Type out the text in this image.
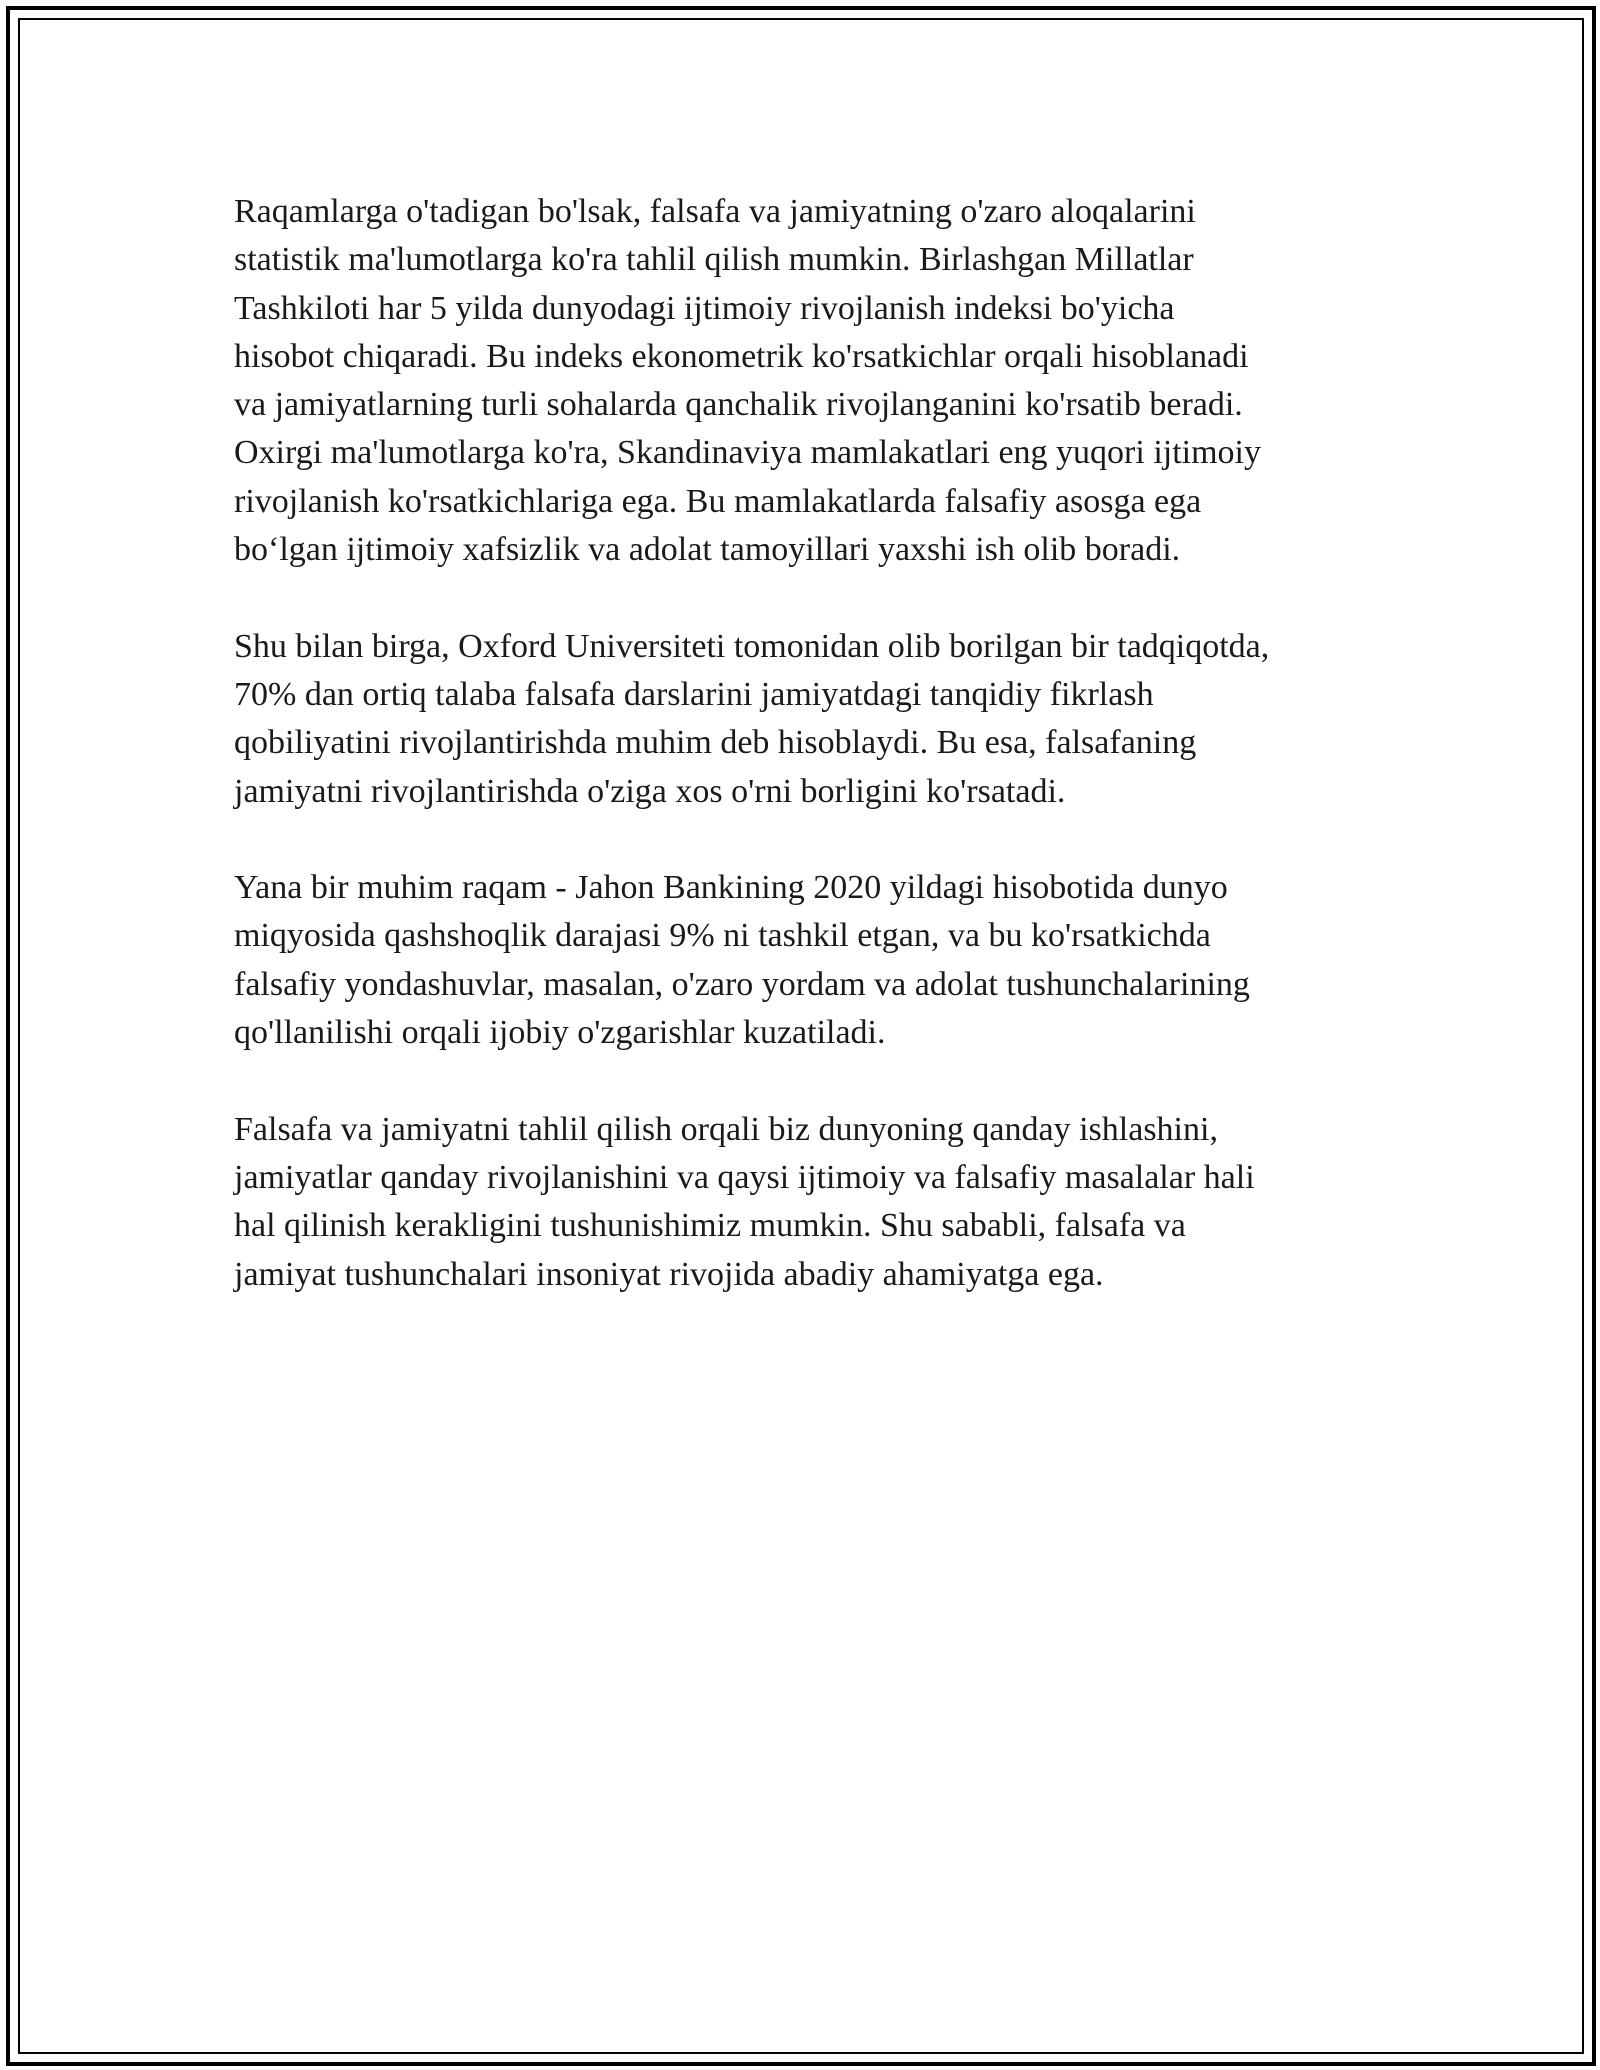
Raqamlarga o'tadigan bo'lsak, falsafa va jamiyatning o'zaro aloqalarini
statistik ma'lumotlarga ko'ra tahlil qilish mumkin. Birlashgan Millatlar
Tashkiloti har 5 yilda dunyodagi ijtimoiy rivojlanish indeksi bo'yicha
hisobot chiqaradi. Bu indeks ekonometrik ko'rsatkichlar orqali hisoblanadi
va jamiyatlarning turli sohalarda qanchalik rivojlanganini ko'rsatib beradi.
Oxirgi ma'lumotlarga ko'ra, Skandinaviya mamlakatlari eng yuqori ijtimoiy
rivojlanish ko'rsatkichlariga ega. Bu mamlakatlarda falsafiy asosga ega
bo‘lgan ijtimoiy xafsizlik va adolat tamoyillari yaxshi ish olib boradi.

Shu bilan birga, Oxford Universiteti tomonidan olib borilgan bir tadqiqotda,
70% dan ortiq talaba falsafa darslarini jamiyatdagi tanqidiy fikrlash
qobiliyatini rivojlantirishda muhim deb hisoblaydi. Bu esa, falsafaning
jamiyatni rivojlantirishda o'ziga xos o'rni borligini ko'rsatadi.

Yana bir muhim raqam - Jahon Bankining 2020 yildagi hisobotida dunyo
miqyosida qashshoqlik darajasi 9% ni tashkil etgan, va bu ko'rsatkichda
falsafiy yondashuvlar, masalan, o'zaro yordam va adolat tushunchalarining
qo'llanilishi orqali ijobiy o'zgarishlar kuzatiladi.

Falsafa va jamiyatni tahlil qilish orqali biz dunyoning qanday ishlashini,
jamiyatlar qanday rivojlanishini va qaysi ijtimoiy va falsafiy masalalar hali
hal qilinish kerakligini tushunishimiz mumkin. Shu sababli, falsafa va
jamiyat tushunchalari insoniyat rivojida abadiy ahamiyatga ega.
